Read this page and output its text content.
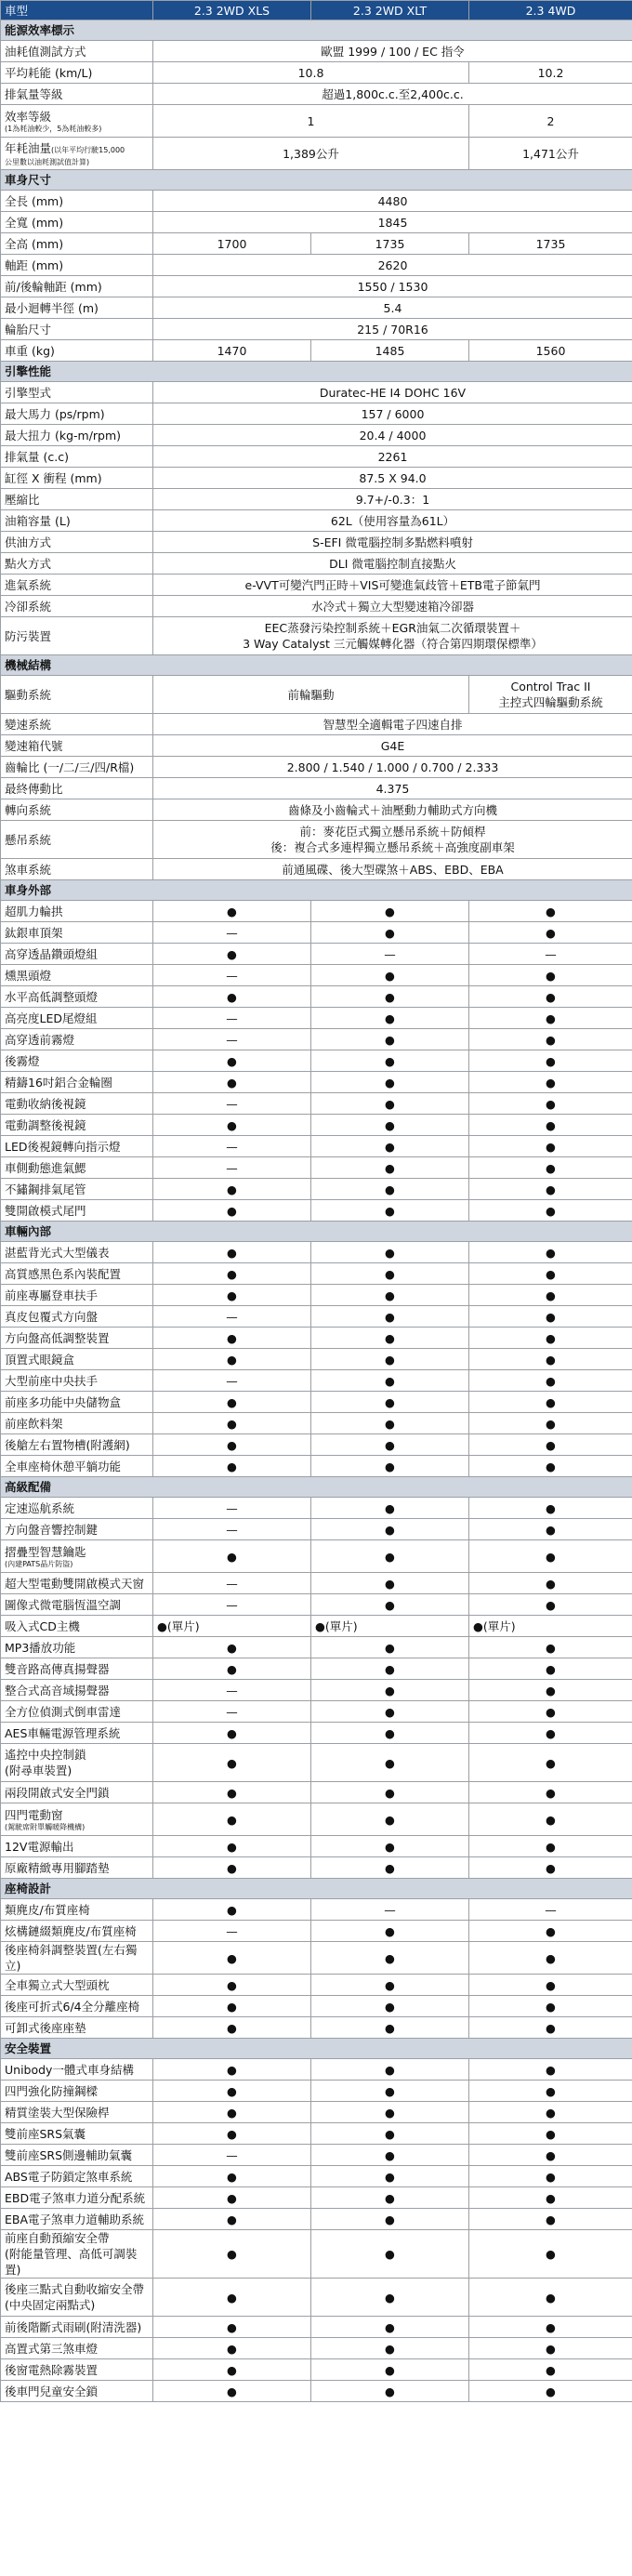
車型	2.3 2WD XLS	2.3 2WD XLT	2.3 4WD
能源效率標示			
油耗值測試方式	歐盟 1999 / 100 / EC 指令		
平均耗能 (km/L)	10.8		10.2
排氣量等級	超過1,800c.c.至2,400c.c.		
效率等級
(1為耗油較少，5為耗油較多)	1		2
年耗油量(以年平均行駛15,000
公里數以油耗測試值計算)	1,389公升		1,471公升
車身尺寸			
全長 (mm)	4480		
全寬 (mm)	1845		
全高 (mm)	1700	1735	1735
軸距 (mm)	2620		
前/後輪軸距 (mm)	1550 / 1530		
最小迴轉半徑 (m)	5.4		
輪胎尺寸	215 / 70R16		
車重 (kg)	1470	1485	1560
引擎性能			
引擎型式	Duratec-HE I4 DOHC 16V		
最大馬力 (ps/rpm)	157 / 6000		
最大扭力 (kg-m/rpm)	20.4 / 4000		
排氣量 (c.c)	2261		
缸徑 X 衝程 (mm)	87.5 X 94.0		
壓縮比	9.7+/-0.3：1		
油箱容量 (L)	62L（使用容量為61L）		
供油方式	S-EFI 微電腦控制多點燃料噴射		
點火方式	DLI 微電腦控制直接點火		
進氣系統	e-VVT可變汽門正時＋VIS可變進氣歧管＋ETB電子節氣門		
冷卻系統	水冷式＋獨立大型變速箱冷卻器		
防污裝置	EEC蒸發污染控制系統＋EGR油氣二次循環裝置＋
3 Way Catalyst 三元觸媒轉化器（符合第四期環保標準）		
機械結構			
驅動系統	前輪驅動		Control Trac II
主控式四輪驅動系統
變速系統	智慧型全適輯電子四速自排		
變速箱代號	G4E		
齒輪比 (一/二/三/四/R檔)	2.800 / 1.540 / 1.000 / 0.700 / 2.333		
最終傳動比	4.375		
轉向系統	齒條及小齒輪式＋油壓動力輔助式方向機		
懸吊系統	前：麥花臣式獨立懸吊系統＋防傾桿
後：複合式多連桿獨立懸吊系統＋高強度副車架		
煞車系統	前通風碟、後大型碟煞＋ABS、EBD、EBA		
車身外部			
超肌力輪拱	●	●	●
鈦銀車頂架	—	●	●
高穿透晶鑽頭燈組	●	—	—
燻黑頭燈	—	●	●
水平高低調整頭燈	●	●	●
高亮度LED尾燈組	—	●	●
高穿透前霧燈	—	●	●
後霧燈	●	●	●
精鑄16吋鋁合金輪圈	●	●	●
電動收納後視鏡	—	●	●
電動調整後視鏡	●	●	●
LED後視鏡轉向指示燈	—	●	●
車側動態進氣鰓	—	●	●
不鏽鋼排氣尾管	●	●	●
雙開啟模式尾門	●	●	●
車輛內部			
湛藍背光式大型儀表	●	●	●
高質感黑色系內裝配置	●	●	●
前座專屬登車扶手	●	●	●
真皮包覆式方向盤	—	●	●
方向盤高低調整裝置	●	●	●
頂置式眼鏡盒	●	●	●
大型前座中央扶手	—	●	●
前座多功能中央儲物盒	●	●	●
前座飲料架	●	●	●
後艙左右置物槽(附護網)	●	●	●
全車座椅休憩平躺功能	●	●	●
高級配備			
定速巡航系統	—	●	●
方向盤音響控制鍵	—	●	●
摺疊型智慧鑰匙
(內建PATS晶片防盜)	●	●	●
超大型電動雙開啟模式天窗	—	●	●
圖像式微電腦恆溫空調	—	●	●
吸入式CD主機	●(單片)	●(單片)	●(單片)
MP3播放功能	●	●	●
雙音路高傳真揚聲器	●	●	●
整合式高音域揚聲器	—	●	●
全方位偵測式倒車雷達	—	●	●
AES車輛電源管理系統	●	●	●
遙控中央控制鎖
(附尋車裝置)	●	●	●
兩段開啟式安全門鎖	●	●	●
四門電動窗
(駕駛席附單觸暖降機構)	●	●	●
12V電源輸出	●	●	●
原廠精緻專用腳踏墊	●	●	●
座椅設計			
類麂皮/布質座椅	●	—	—
炫構鏈綴類麂皮/布質座椅	—	●	●
後座椅斜調整裝置(左右獨立)	●	●	●
全車獨立式大型頭枕	●	●	●
後座可折式6/4全分離座椅	●	●	●
可卸式後座座墊	●	●	●
安全裝置			
Unibody一體式車身結構	●	●	●
四門強化防撞鋼樑	●	●	●
精質塗裝大型保險桿	●	●	●
雙前座SRS氣囊	●	●	●
雙前座SRS側邊輔助氣囊	—	●	●
ABS電子防鎖定煞車系統	●	●	●
EBD電子煞車力道分配系統	●	●	●
EBA電子煞車力道輔助系統	●	●	●
前座自動預縮安全帶
(附能量管理、高低可調裝置)	●	●	●
後座三點式自動收縮安全帶
(中央固定兩點式)	●	●	●
前後階斷式雨刷(附清洗器)	●	●	●
高置式第三煞車燈	●	●	●
後窗電熱除霧裝置	●	●	●
後車門兒童安全鎖	●	●	●
